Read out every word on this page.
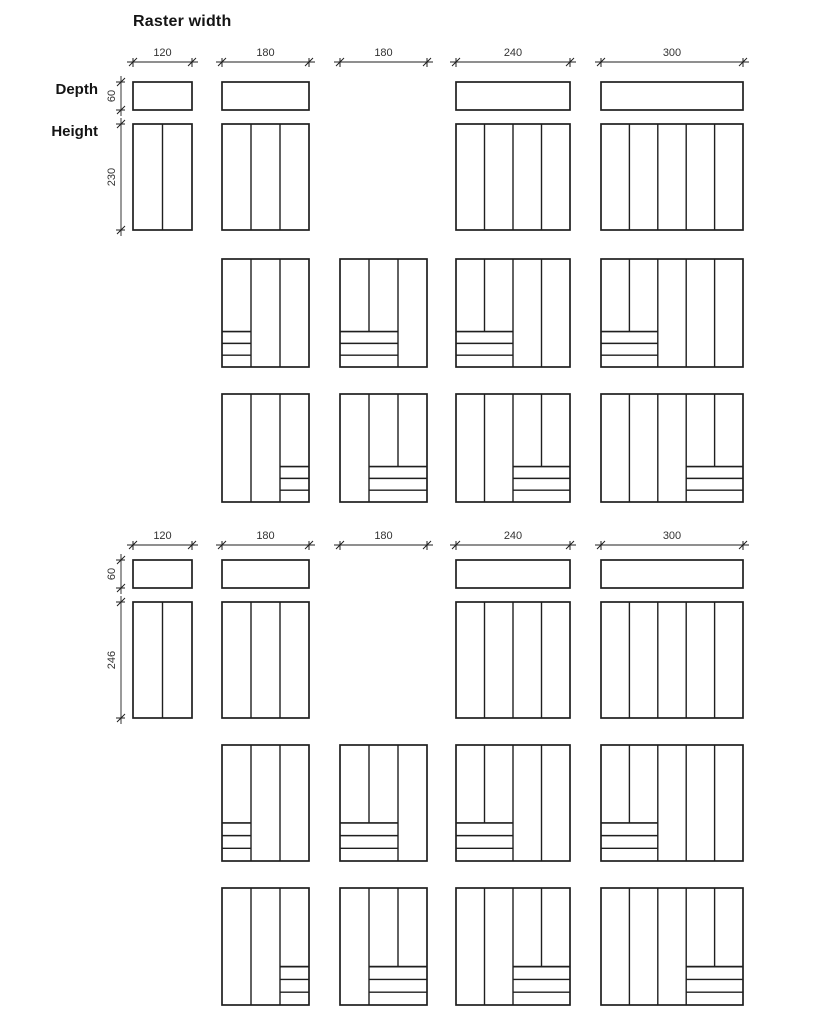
Raster width
Depth
Height
120	180	180	240	300
60
230
120	180	180	240	300
60
246
